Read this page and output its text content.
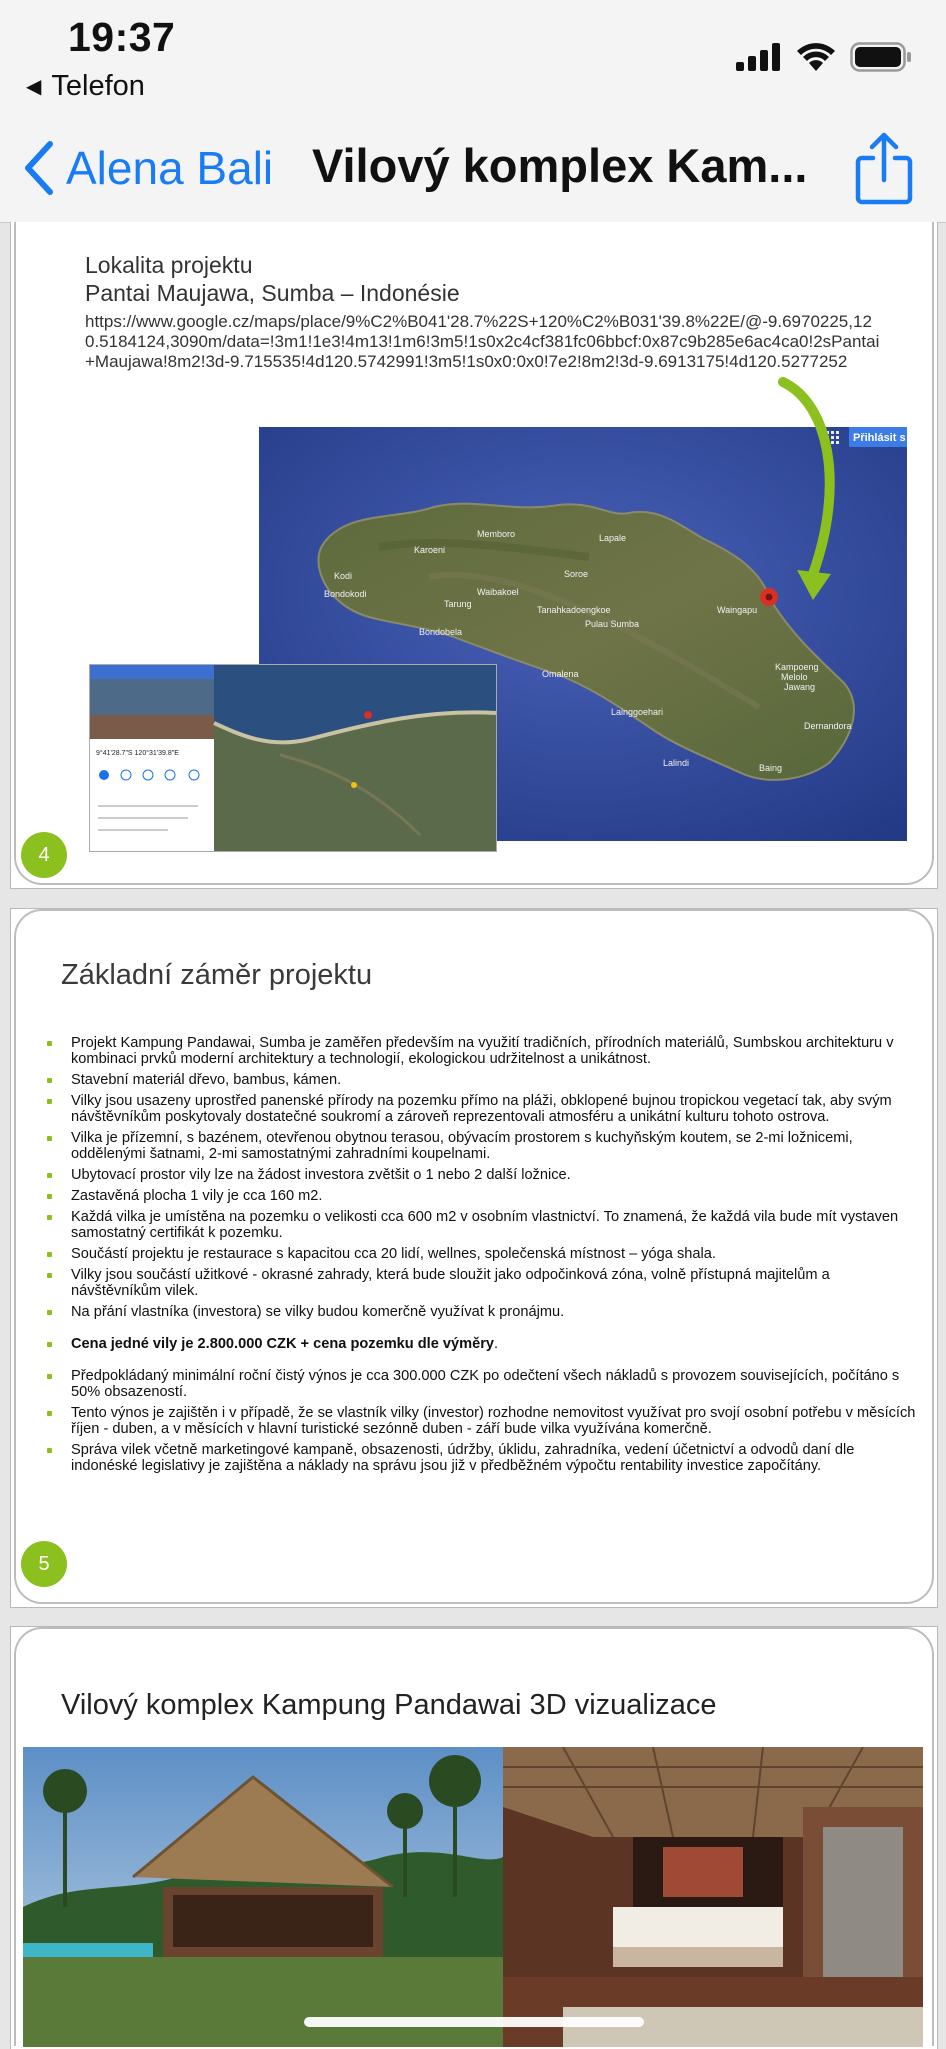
19:37
◀ Telefon
Alena Bali Vilový komplex Kam...
Lokalita projektu
Pantai Maujawa, Sumba – Indonésie
https://www.google.cz/maps/place/9%C2%B041'28.7%22S+120%C2%B031'39.8%22E/@-9.6970225,120.5184124,3090m/data=!3m1!1e3!4m13!1m6!3m5!1s0x2c4cf381fc06bbcf:0x87c9b285e6ac4ca0!2sPantai+Maujawa!8m2!3d-9.715535!4d120.5742991!3m5!1s0x0:0x0!7e2!8m2!3d-9.6913175!4d120.5277252
Přihlásit s
Memboro
Karoeni
Lapale
Kodi	Soroe
Waibakoel
Bondokodi
Tarung
Tanahkadoengkoe	Waingapu
Pulau Sumba
Bondobela
Omalena
Kampoeng
Melolo
Jawang
Lainggoehari
Lalindi
Dernandora
Baing
9°41'28.7"S 120°31'39.8"E
4
Základní záměr projektu
Projekt Kampung Pandawai, Sumba je zaměřen především na využití tradičních, přírodních materiálů, Sumbskou architekturu v kombinaci prvků moderní architektury a technologií, ekologickou udržitelnost a unikátnost.
Stavební materiál dřevo, bambus, kámen.
Vilky jsou usazeny uprostřed panenské přírody na pozemku přímo na pláži, obklopené bujnou tropickou vegetací tak, aby svým návštěvníkům poskytovaly dostatečné soukromí a zároveň reprezentovali atmosféru a unikátní kulturu tohoto ostrova.
Vilka je přízemní, s bazénem, otevřenou obytnou terasou, obývacím prostorem s kuchyňským koutem, se 2-mi ložnicemi, oddělenými šatnami, 2-mi samostatnými zahradními koupelnami.
Ubytovací prostor vily lze na žádost investora zvětšit o 1 nebo 2 další ložnice.
Zastavěná plocha 1 vily je cca 160 m2.
Každá vilka je umístěna na pozemku o velikosti cca 600 m2 v osobním vlastnictví. To znamená, že každá vila bude mít vystaven samostatný certifikát k pozemku.
Součástí projektu je restaurace s kapacitou cca 20 lidí, wellnes, společenská místnost – yóga shala.
Vilky jsou součástí užitkové - okrasné zahrady, která bude sloužit jako odpočinková zóna, volně přístupná majitelům a návštěvníkům vilek.
Na přání vlastníka (investora) se vilky budou komerčně využívat k pronájmu.
Cena jedné vily je 2.800.000 CZK + cena pozemku dle výměry.
Předpokládaný minimální roční čistý výnos je cca 300.000 CZK po odečtení všech nákladů s provozem souvisejících, počítáno s 50% obsazeností.
Tento výnos je zajištěn i v případě, že se vlastník vilky (investor) rozhodne nemovitost využívat pro svojí osobní potřebu v měsících říjen - duben, a v měsících v hlavní turistické sezónně duben - září bude vilka využívána komerčně.
Správa vilek včetně marketingové kampaně, obsazenosti, údržby, úklidu, zahradníka, vedení účetnictví a odvodů daní dle indonéské legislativy je zajištěna a náklady na správu jsou již v předběžném výpočtu rentability investice započítány.
5
Vilový komplex Kampung Pandawai 3D vizualizace
